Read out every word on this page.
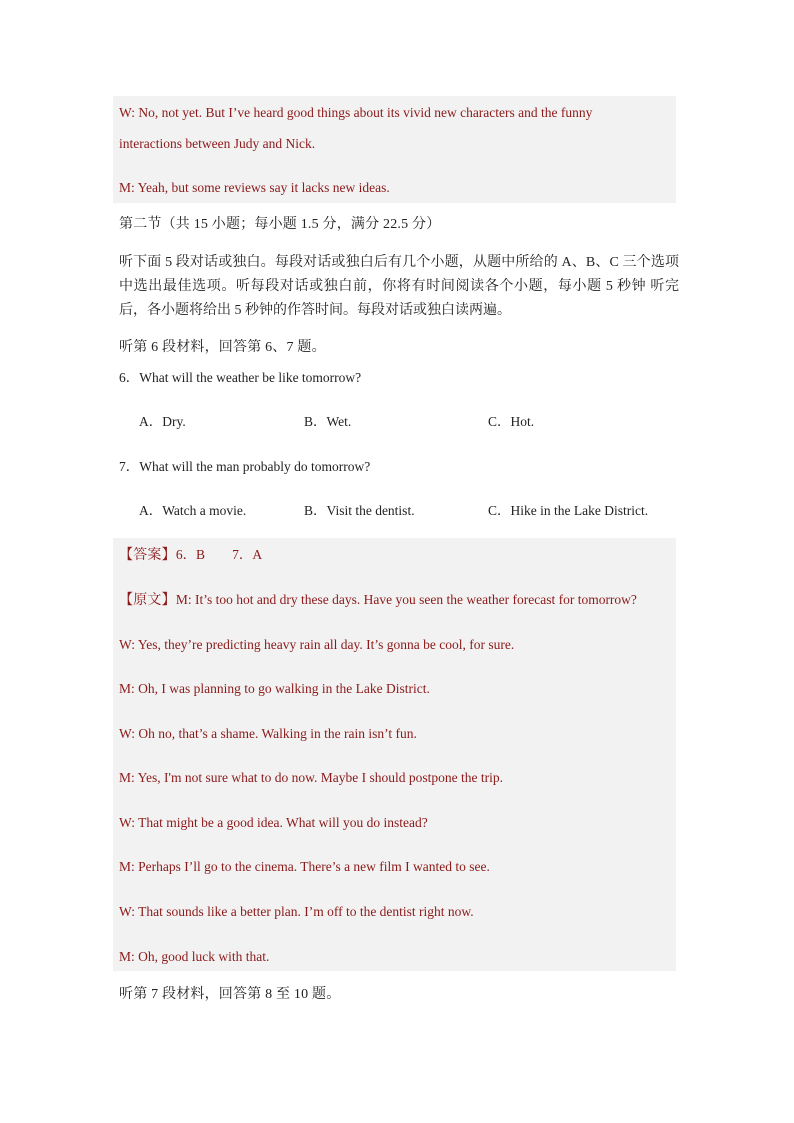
W: No, not yet. But I’ve heard good things about its vivid new characters and the funny
interactions between Judy and Nick.
M: Yeah, but some reviews say it lacks new ideas.
第二节（共 15 小题；每小题 1.5 分，满分 22.5 分）
听下面 5 段对话或独白。每段对话或独白后有几个小题，从题中所给的 A、B、C 三个选项中选出最佳选项。听每段对话或独白前，你将有时间阅读各个小题，每小题 5 秒钟 听完后，各小题将给出 5 秒钟的作答时间。每段对话或独白读两遍。
听第 6 段材料，回答第 6、7 题。
6．What will the weather be like tomorrow?
A．Dry.	B．Wet.	C．Hot.
7．What will the man probably do tomorrow?
A．Watch a movie.	B．Visit the dentist.	C．Hike in the Lake District.
【答案】6．B　　7．A
【原文】M: It’s too hot and dry these days. Have you seen the weather forecast for tomorrow?
W: Yes, they’re predicting heavy rain all day. It’s gonna be cool, for sure.
M: Oh, I was planning to go walking in the Lake District.
W: Oh no, that’s a shame. Walking in the rain isn’t fun.
M: Yes, I'm not sure what to do now. Maybe I should postpone the trip.
W: That might be a good idea. What will you do instead?
M: Perhaps I’ll go to the cinema. There’s a new film I wanted to see.
W: That sounds like a better plan. I’m off to the dentist right now.
M: Oh, good luck with that.
听第 7 段材料，回答第 8 至 10 题。
